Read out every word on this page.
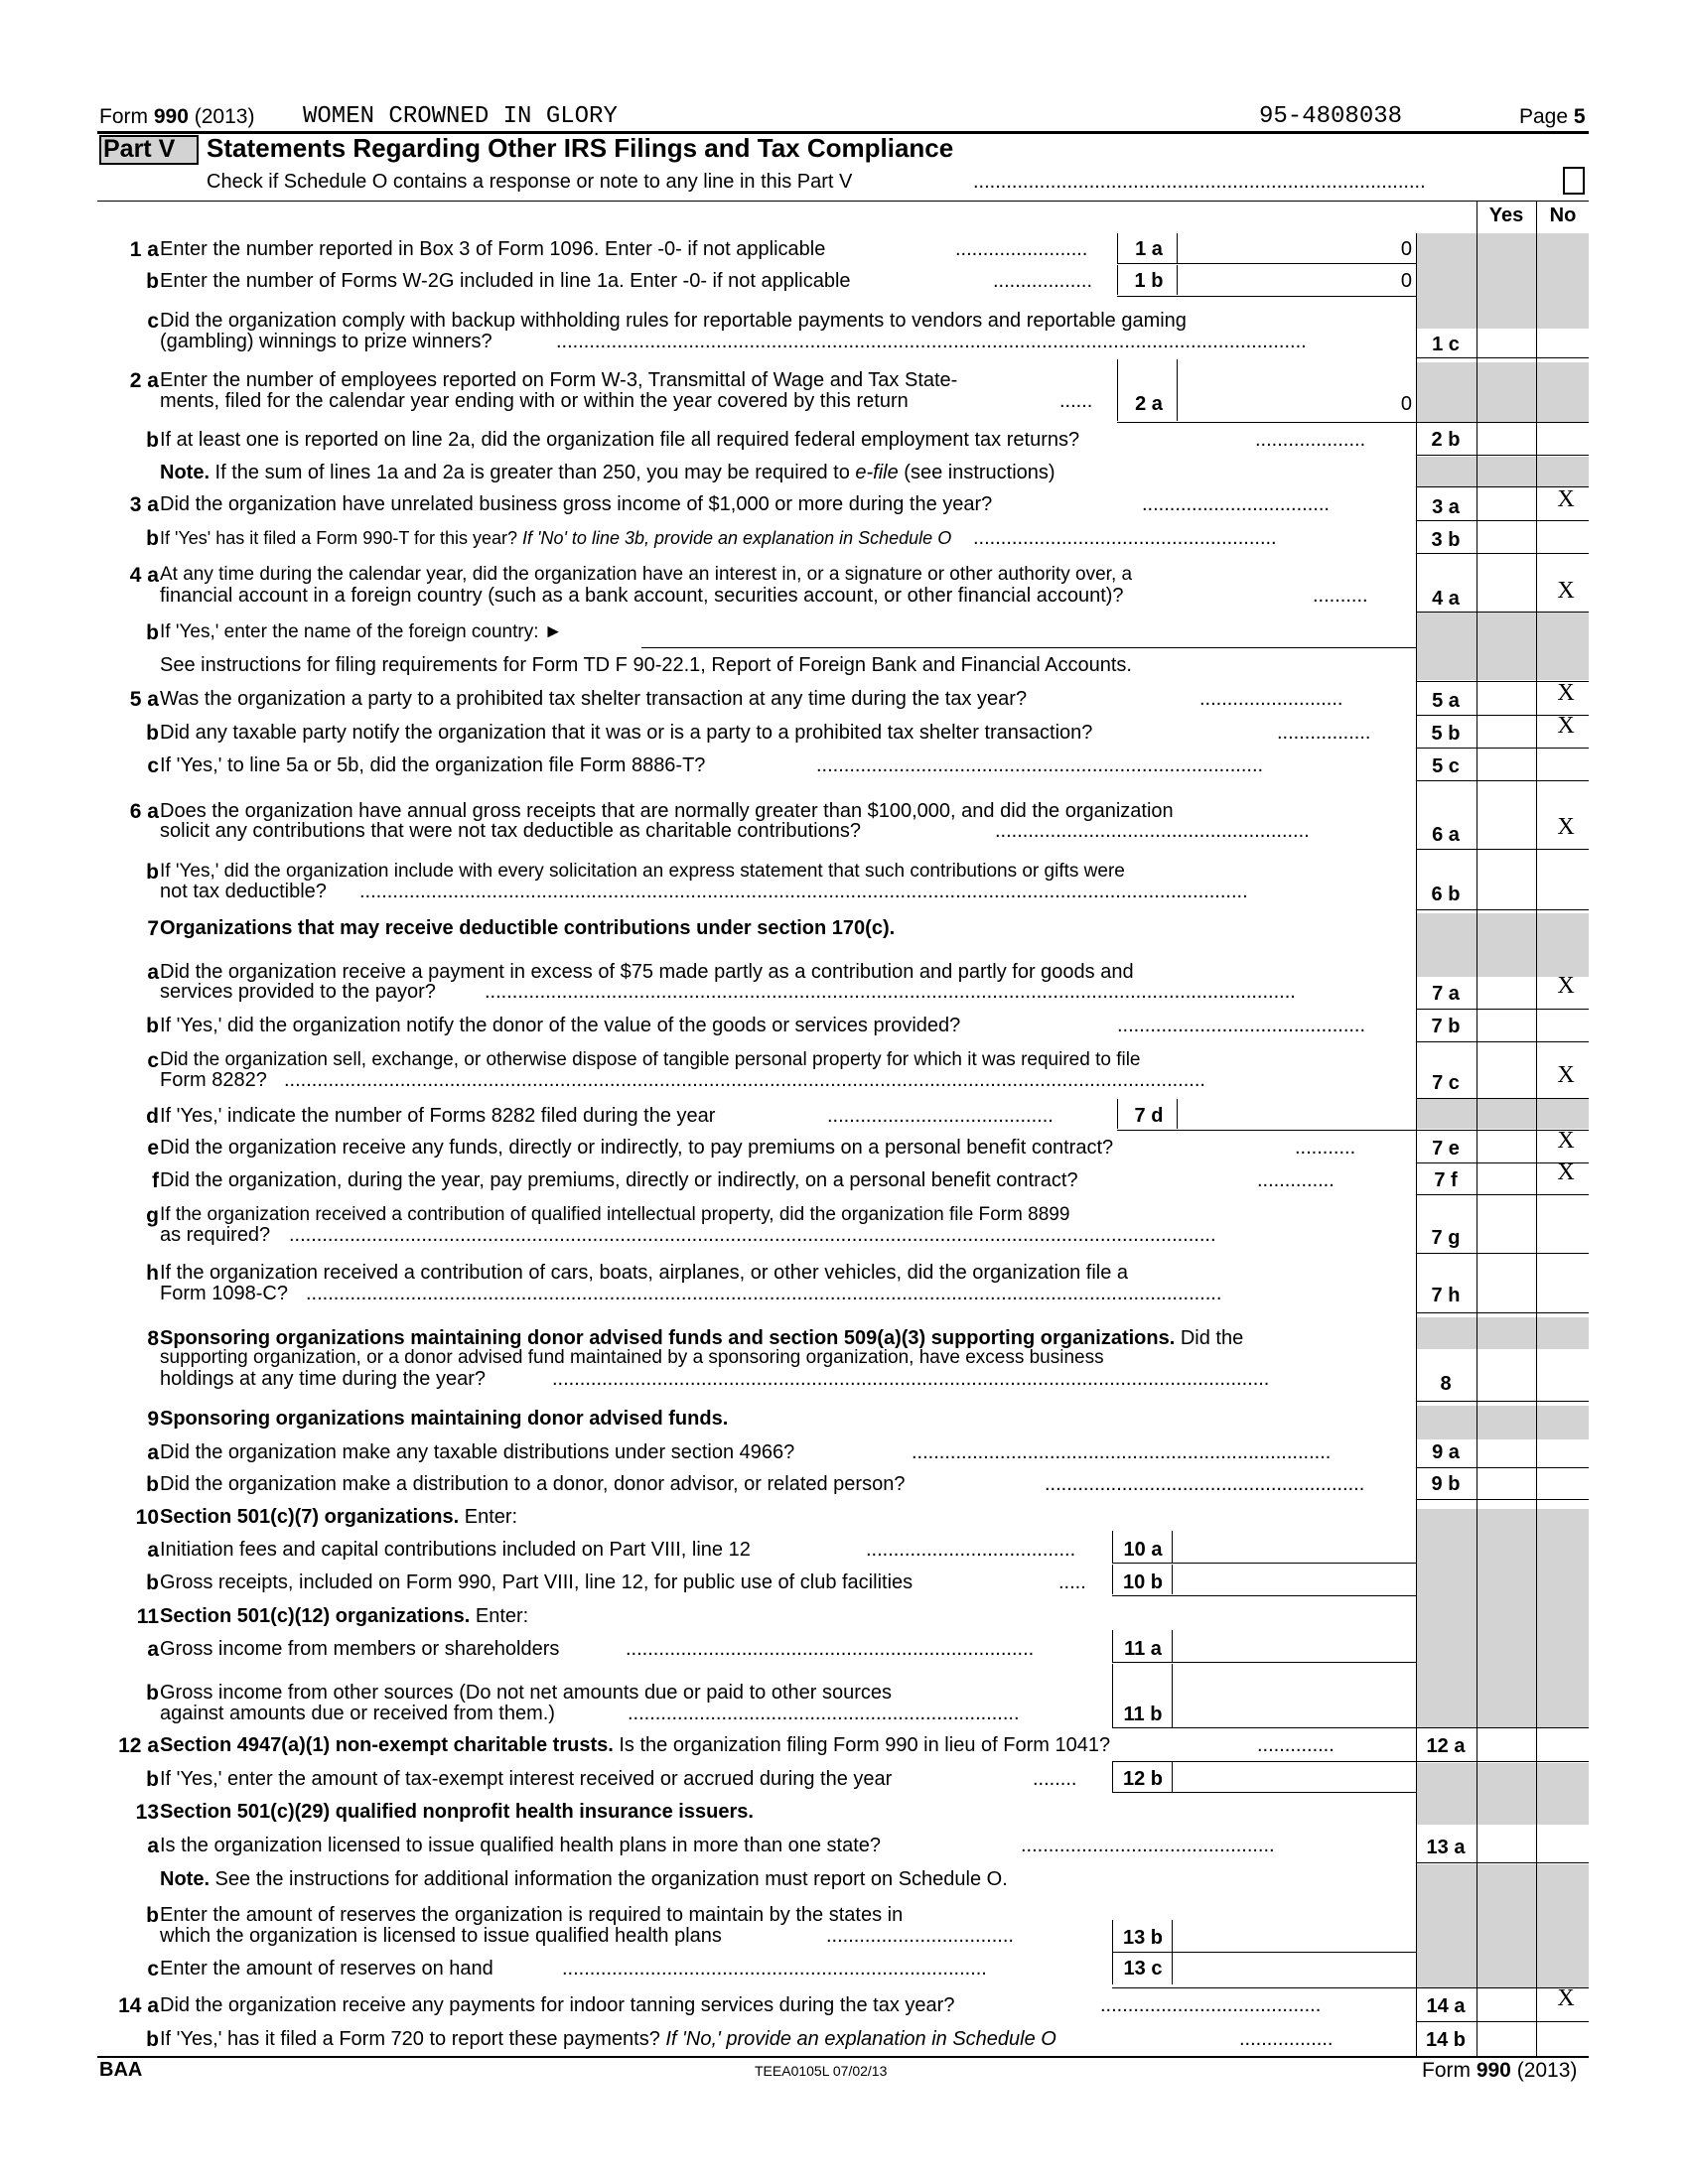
Form 990 (2013) WOMEN CROWNED IN GLORY	95-4808038	Page 5
Part V Statements Regarding Other IRS Filings and Tax Compliance
Check if Schedule O contains a response or note to any line in this Part V	..................................................................................
Yes	No
1 a Enter the number reported in Box 3 of Form 1096. Enter -0- if not applicable	........................	1 a	0
b Enter the number of Forms W-2G included in line 1a. Enter -0- if not applicable	..................	1 b	0
c Did the organization comply with backup withholding rules for reportable payments to vendors and reportable gaming
(gambling) winnings to prize winners?	........................................................................................................................................	1 c
2 a Enter the number of employees reported on Form W-3, Transmittal of Wage and Tax State-
ments, filed for the calendar year ending with or within the year covered by this return	......	2 a	0
b If at least one is reported on line 2a, did the organization file all required federal employment tax returns?	....................	2 b
Note. If the sum of lines 1a and 2a is greater than 250, you may be required to e-file (see instructions)
3 a Did the organization have unrelated business gross income of $1,000 or more during the year?	..................................	3 a	X
b If 'Yes' has it filed a Form 990-T for this year? If 'No' to line 3b, provide an explanation in Schedule O .......................................................	3 b
4 a At any time during the calendar year, did the organization have an interest in, or a signature or other authority over, a
financial account in a foreign country (such as a bank account, securities account, or other financial account)?	..........	4 a	X
b If 'Yes,' enter the name of the foreign country: ►
See instructions for filing requirements for Form TD F 90-22.1, Report of Foreign Bank and Financial Accounts.
5 a Was the organization a party to a prohibited tax shelter transaction at any time during the tax year?	..........................	5 a	X
b Did any taxable party notify the organization that it was or is a party to a prohibited tax shelter transaction?	.................	5 b	X
c If 'Yes,' to line 5a or 5b, did the organization file Form 8886-T?	.................................................................................	5 c
6 a Does the organization have annual gross receipts that are normally greater than $100,000, and did the organization
solicit any contributions that were not tax deductible as charitable contributions?	.........................................................	6 a	X
b If 'Yes,' did the organization include with every solicitation an express statement that such contributions or gifts were
not tax deductible? .................................................................................................................................................................	6 b
7 Organizations that may receive deductible contributions under section 170(c).
a Did the organization receive a payment in excess of $75 made partly as a contribution and partly for goods and
services provided to the payor? ...................................................................................................................................................	7 a	X
b If 'Yes,' did the organization notify the donor of the value of the goods or services provided?	.............................................	7 b
c Did the organization sell, exchange, or otherwise dispose of tangible personal property for which it was required to file
Form 8282? .......................................................................................................................................................................	7 c	X
d If 'Yes,' indicate the number of Forms 8282 filed during the year	.........................................	7 d
e Did the organization receive any funds, directly or indirectly, to pay premiums on a personal benefit contract?	...........	7 e	X
f Did the organization, during the year, pay premiums, directly or indirectly, on a personal benefit contract?	..............	7 f	X
g If the organization received a contribution of qualified intellectual property, did the organization file Form 8899
as required? ........................................................................................................................................................................	7 g
h If the organization received a contribution of cars, boats, airplanes, or other vehicles, did the organization file a
Form 1098-C? ......................................................................................................................................................................	7 h
8 Sponsoring organizations maintaining donor advised funds and section 509(a)(3) supporting organizations. Did the
supporting organization, or a donor advised fund maintained by a sponsoring organization, have excess business
holdings at any time during the year?	..................................................................................................................................	8
9 Sponsoring organizations maintaining donor advised funds.
a Did the organization make any taxable distributions under section 4966?	............................................................................	9 a
b Did the organization make a distribution to a donor, donor advisor, or related person?	..........................................................	9 b
10 Section 501(c)(7) organizations. Enter:
a Initiation fees and capital contributions included on Part VIII, line 12	......................................	10 a
b Gross receipts, included on Form 990, Part VIII, line 12, for public use of club facilities	.....	10 b
11 Section 501(c)(12) organizations. Enter:
a Gross income from members or shareholders	..........................................................................	11 a
b Gross income from other sources (Do not net amounts due or paid to other sources
against amounts due or received from them.)	.......................................................................	11 b
12 a Section 4947(a)(1) non-exempt charitable trusts. Is the organization filing Form 990 in lieu of Form 1041?	..............	12 a
b If 'Yes,' enter the amount of tax-exempt interest received or accrued during the year	........	12 b
13 Section 501(c)(29) qualified nonprofit health insurance issuers.
a Is the organization licensed to issue qualified health plans in more than one state?	..............................................	13 a
Note. See the instructions for additional information the organization must report on Schedule O.
b Enter the amount of reserves the organization is required to maintain by the states in
which the organization is licensed to issue qualified health plans	..................................	13 b
c Enter the amount of reserves on hand	.............................................................................	13 c
14 a Did the organization receive any payments for indoor tanning services during the tax year?	........................................	14 a	X
b If 'Yes,' has it filed a Form 720 to report these payments? If 'No,' provide an explanation in Schedule O	.................	14 b
BAA	TEEA0105L 07/02/13	Form 990 (2013)
